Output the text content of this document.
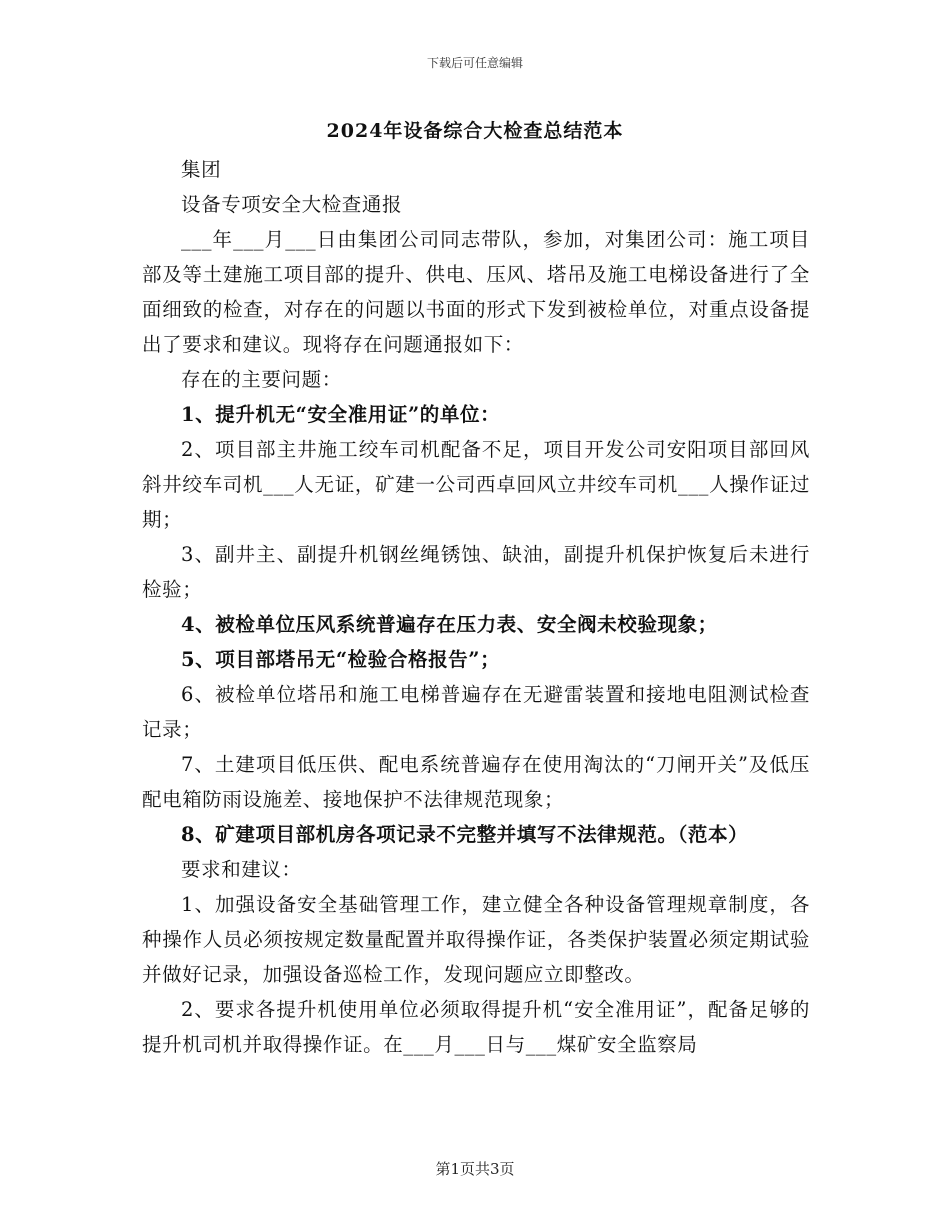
下载后可任意编辑
2024年设备综合大检查总结范本

集团

设备专项安全大检查通报

___年___月___日由集团公司同志带队，参加，对集团公司：施工项目部及等土建施工项目部的提升、供电、压风、塔吊及施工电梯设备进行了全面细致的检查，对存在的问题以书面的形式下发到被检单位，对重点设备提出了要求和建议。现将存在问题通报如下：

存在的主要问题：

1、提升机无“安全准用证”的单位：

2、项目部主井施工绞车司机配备不足，项目开发公司安阳项目部回风斜井绞车司机___人无证，矿建一公司西卓回风立井绞车司机___人操作证过期；

3、副井主、副提升机钢丝绳锈蚀、缺油，副提升机保护恢复后未进行检验；

4、被检单位压风系统普遍存在压力表、安全阀未校验现象；

5、项目部塔吊无“检验合格报告”；

6、被检单位塔吊和施工电梯普遍存在无避雷装置和接地电阻测试检查记录；

7、土建项目低压供、配电系统普遍存在使用淘汰的“刀闸开关”及低压配电箱防雨设施差、接地保护不法律规范现象；

8、矿建项目部机房各项记录不完整并填写不法律规范。（范本）

要求和建议：

1、加强设备安全基础管理工作，建立健全各种设备管理规章制度，各种操作人员必须按规定数量配置并取得操作证，各类保护装置必须定期试验并做好记录，加强设备巡检工作，发现问题应立即整改。

2、要求各提升机使用单位必须取得提升机“安全准用证”，配备足够的提升机司机并取得操作证。在___月___日与___煤矿安全监察局

第1页共3页
